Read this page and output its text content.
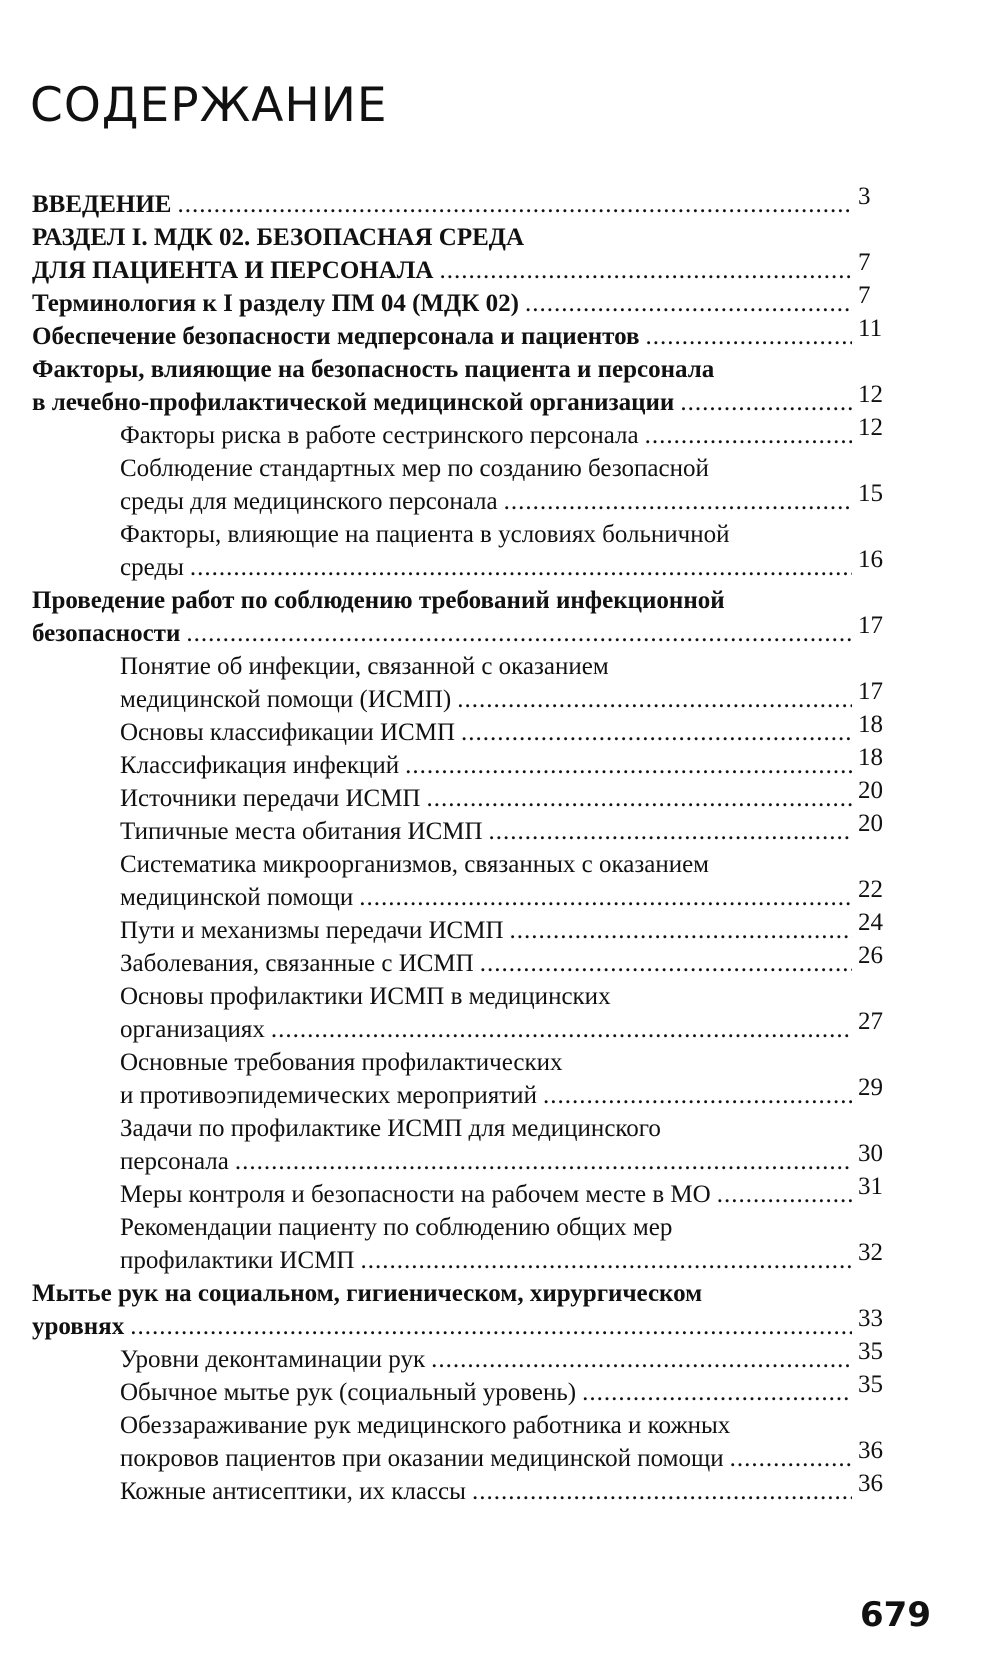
СОДЕРЖАНИЕ
ВВЕДЕНИЕ .....	3
РАЗДЕЛ I. МДК 02. БЕЗОПАСНАЯ СРЕДА
ДЛЯ ПАЦИЕНТА И ПЕРСОНАЛА .....	7
Терминология к I разделу ПМ 04 (МДК 02) .....	7
Обеспечение безопасности медперсонала и пациентов .....	11
Факторы, влияющие на безопасность пациента и персонала
в лечебно-профилактической медицинской организации .....	12
Факторы риска в работе сестринского персонала .....	12
Соблюдение стандартных мер по созданию безопасной
среды для медицинского персонала .....	15
Факторы, влияющие на пациента в условиях больничной
среды .....	16
Проведение работ по соблюдению требований инфекционной
безопасности .....	17
Понятие об инфекции, связанной с оказанием
медицинской помощи (ИСМП) .....	17
Основы классификации ИСМП .....	18
Классификация инфекций .....	18
Источники передачи ИСМП .....	20
Типичные места обитания ИСМП .....	20
Систематика микроорганизмов, связанных с оказанием
медицинской помощи .....	22
Пути и механизмы передачи ИСМП .....	24
Заболевания, связанные с ИСМП .....	26
Основы профилактики ИСМП в медицинских
организациях .....	27
Основные требования профилактических
и противоэпидемических мероприятий .....	29
Задачи по профилактике ИСМП для медицинского
персонала .....	30
Меры контроля и безопасности на рабочем месте в МО .....	31
Рекомендации пациенту по соблюдению общих мер
профилактики ИСМП .....	32
Мытье рук на социальном, гигиеническом, хирургическом
уровнях .....	33
Уровни деконтаминации рук .....	35
Обычное мытье рук (социальный уровень) .....	35
Обеззараживание рук медицинского работника и кожных
покровов пациентов при оказании медицинской помощи .....	36
Кожные антисептики, их классы .....	36
679
